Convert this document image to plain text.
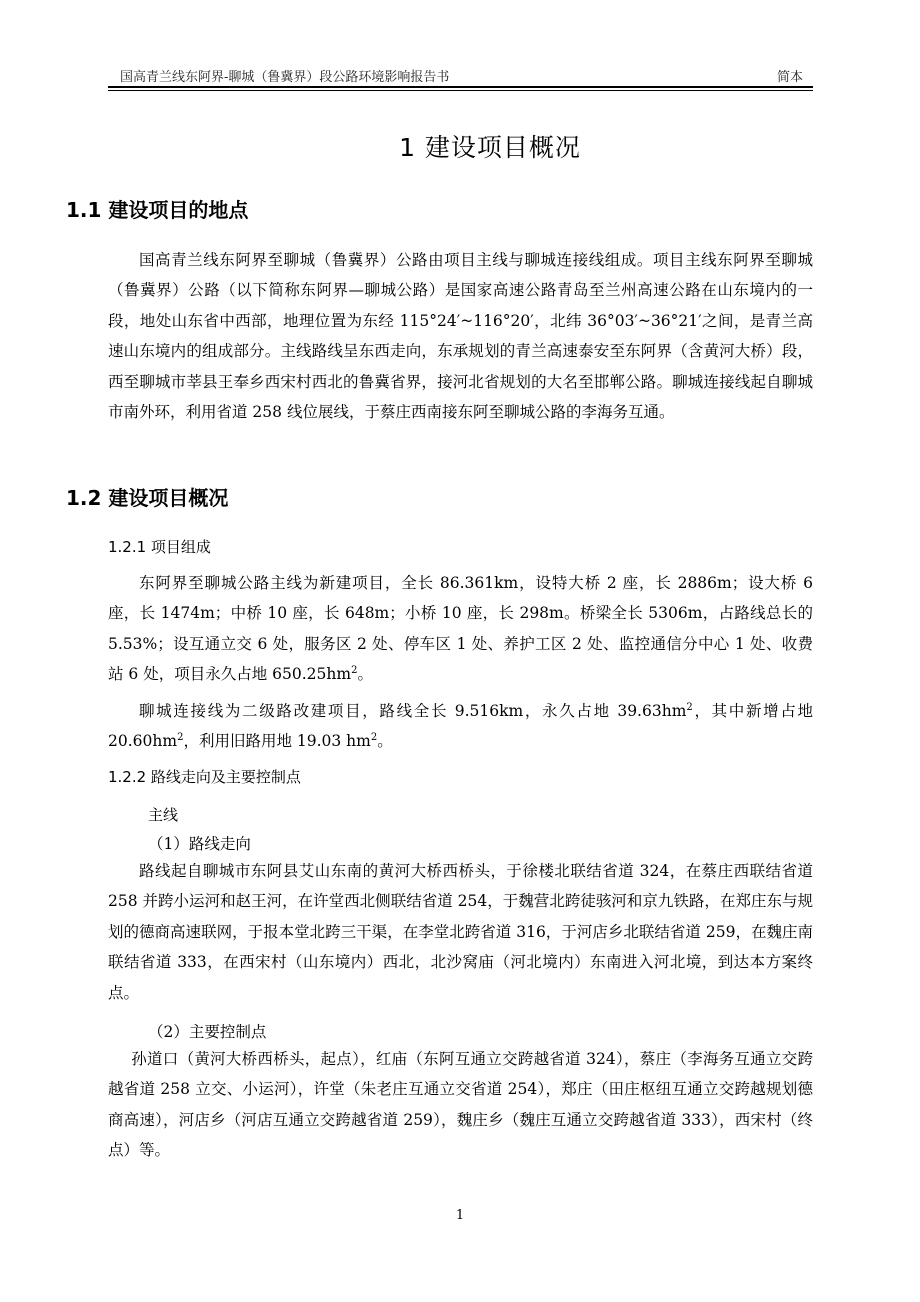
国高青兰线东阿界-聊城（鲁冀界）段公路环境影响报告书	简本
1 建设项目概况
1.1 建设项目的地点

国高青兰线东阿界至聊城（鲁冀界）公路由项目主线与聊城连接线组成。项目主线东阿界至聊城（鲁冀界）公路（以下简称东阿界—聊城公路）是国家高速公路青岛至兰州高速公路在山东境内的一段，地处山东省中西部，地理位置为东经 115°24′~116°20′，北纬 36°03′~36°21′之间，是青兰高速山东境内的组成部分。主线路线呈东西走向，东承规划的青兰高速泰安至东阿界（含黄河大桥）段，西至聊城市莘县王奉乡西宋村西北的鲁冀省界，接河北省规划的大名至邯郸公路。聊城连接线起自聊城市南外环，利用省道 258 线位展线，于蔡庄西南接东阿至聊城公路的李海务互通。

1.2 建设项目概况
1.2.1 项目组成

东阿界至聊城公路主线为新建项目，全长 86.361km，设特大桥 2 座，长 2886m；设大桥 6 座，长 1474m；中桥 10 座，长 648m；小桥 10 座，长 298m。桥梁全长 5306m，占路线总长的 5.53%；设互通立交 6 处，服务区 2 处、停车区 1 处、养护工区 2 处、监控通信分中心 1 处、收费站 6 处，项目永久占地 $650.25hm^2$。

聊城连接线为二级路改建项目，路线全长 9.516km，永久占地 $39.63hm^2$，其中新增占地 $20.60hm^2$，利用旧路用地 19.03 $hm^2$。

1.2.2 路线走向及主要控制点

主线

（1）路线走向

路线起自聊城市东阿县艾山东南的黄河大桥西桥头，于徐楼北联结省道 324，在蔡庄西联结省道 258 并跨小运河和赵王河，在许堂西北侧联结省道 254，于魏营北跨徒骇河和京九铁路，在郑庄东与规划的德商高速联网，于报本堂北跨三干渠，在李堂北跨省道 316，于河店乡北联结省道 259，在魏庄南联结省道 333，在西宋村（山东境内）西北，北沙窝庙（河北境内）东南进入河北境，到达本方案终点。

（2）主要控制点

孙道口（黄河大桥西桥头，起点），红庙（东阿互通立交跨越省道 324），蔡庄（李海务互通立交跨越省道 258 立交、小运河），许堂（朱老庄互通立交省道 254），郑庄（田庄枢纽互通立交跨越规划德商高速），河店乡（河店互通立交跨越省道 259），魏庄乡（魏庄互通立交跨越省道 333），西宋村（终点）等。

1
